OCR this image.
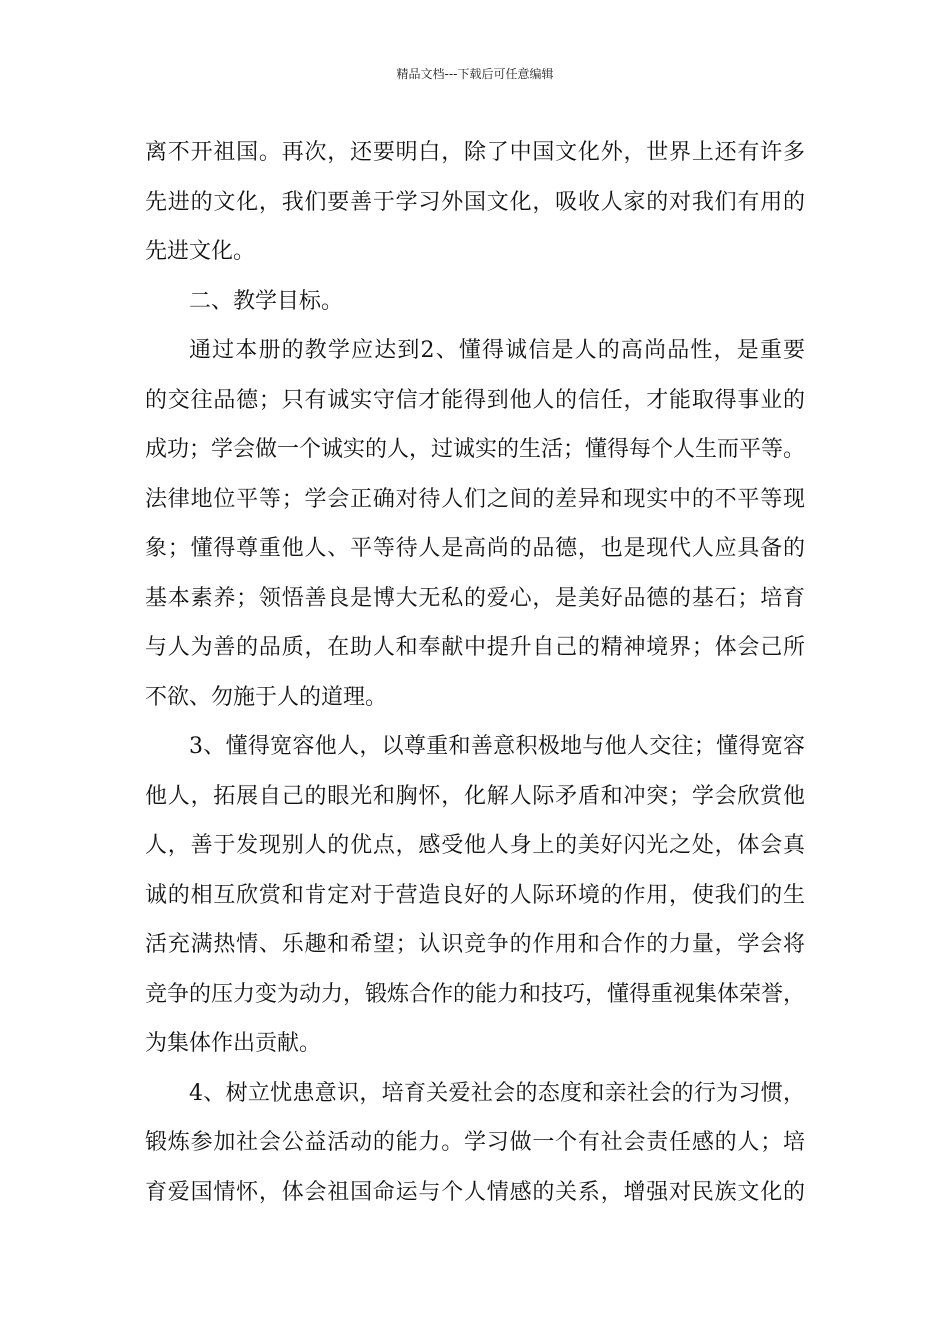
精品文档---下载后可任意编辑
离不开祖国。再次，还要明白，除了中国文化外，世界上还有许多
先进的文化，我们要善于学习外国文化，吸收人家的对我们有用的
先进文化。
二、教学目标。
通过本册的教学应达到2、懂得诚信是人的高尚品性，是重要
的交往品德；只有诚实守信才能得到他人的信任，才能取得事业的
成功；学会做一个诚实的人，过诚实的生活；懂得每个人生而平等。
法律地位平等；学会正确对待人们之间的差异和现实中的不平等现
象；懂得尊重他人、平等待人是高尚的品德，也是现代人应具备的
基本素养；领悟善良是博大无私的爱心，是美好品德的基石；培育
与人为善的品质，在助人和奉献中提升自己的精神境界；体会己所
不欲、勿施于人的道理。
3、懂得宽容他人，以尊重和善意积极地与他人交往；懂得宽容
他人，拓展自己的眼光和胸怀，化解人际矛盾和冲突；学会欣赏他
人，善于发现别人的优点，感受他人身上的美好闪光之处，体会真
诚的相互欣赏和肯定对于营造良好的人际环境的作用，使我们的生
活充满热情、乐趣和希望；认识竞争的作用和合作的力量，学会将
竞争的压力变为动力，锻炼合作的能力和技巧，懂得重视集体荣誉，
为集体作出贡献。
4、树立忧患意识，培育关爱社会的态度和亲社会的行为习惯，
锻炼参加社会公益活动的能力。学习做一个有社会责任感的人；培
育爱国情怀，体会祖国命运与个人情感的关系，增强对民族文化的
